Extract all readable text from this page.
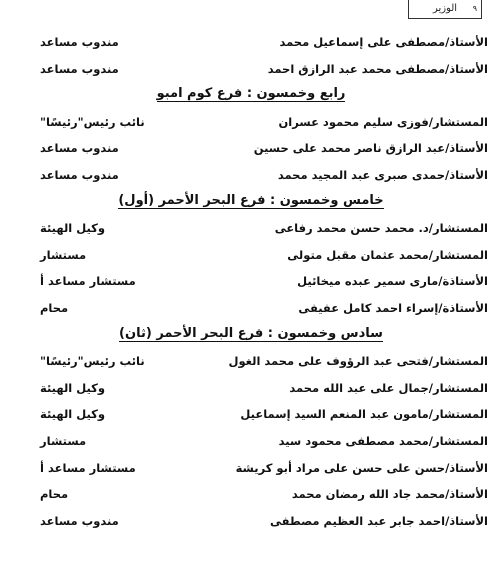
٩
الوزير
الأستاذ/مصطفى على إسماعيل محمد
مندوب مساعد
الأستاذ/مصطفى محمد عبد الرازق احمد
مندوب مساعد
رابع وخمسون : فرع كوم امبو
المستشار/فوزى سليم محمود عسران
نائب رئيس"رئيسًا"
الأستاذ/عبد الرازق ناصر محمد على حسين
مندوب مساعد
الأستاذ/حمدى صبرى عبد المجيد محمد
مندوب مساعد
خامس وخمسون : فرع البحر الأحمر (أول)
المستشار/د. محمد حسن محمد رفاعى
وكيل الهيئة
المستشار/محمد عثمان مقبل متولى
مستشار
الأستاذة/مارى سمير عبده ميخائيل
مستشار مساعد أ
الأستاذة/إسراء احمد كامل عفيفى
محام
سادس وخمسون : فرع البحر الأحمر (ثان)
المستشار/فتحى عبد الرؤوف على محمد الغول
نائب رئيس"رئيسًا"
المستشار/جمال على عبد الله محمد
وكيل الهيئة
المستشار/مامون عبد المنعم السيد إسماعيل
وكيل الهيئة
المستشار/محمد مصطفى محمود سيد
مستشار
الأستاذ/حسن على حسن على مراد أبو كريشة
مستشار مساعد أ
الأستاذ/محمد جاد الله رمضان محمد
محام
الأستاذ/احمد جابر عبد العظيم مصطفى
مندوب مساعد
